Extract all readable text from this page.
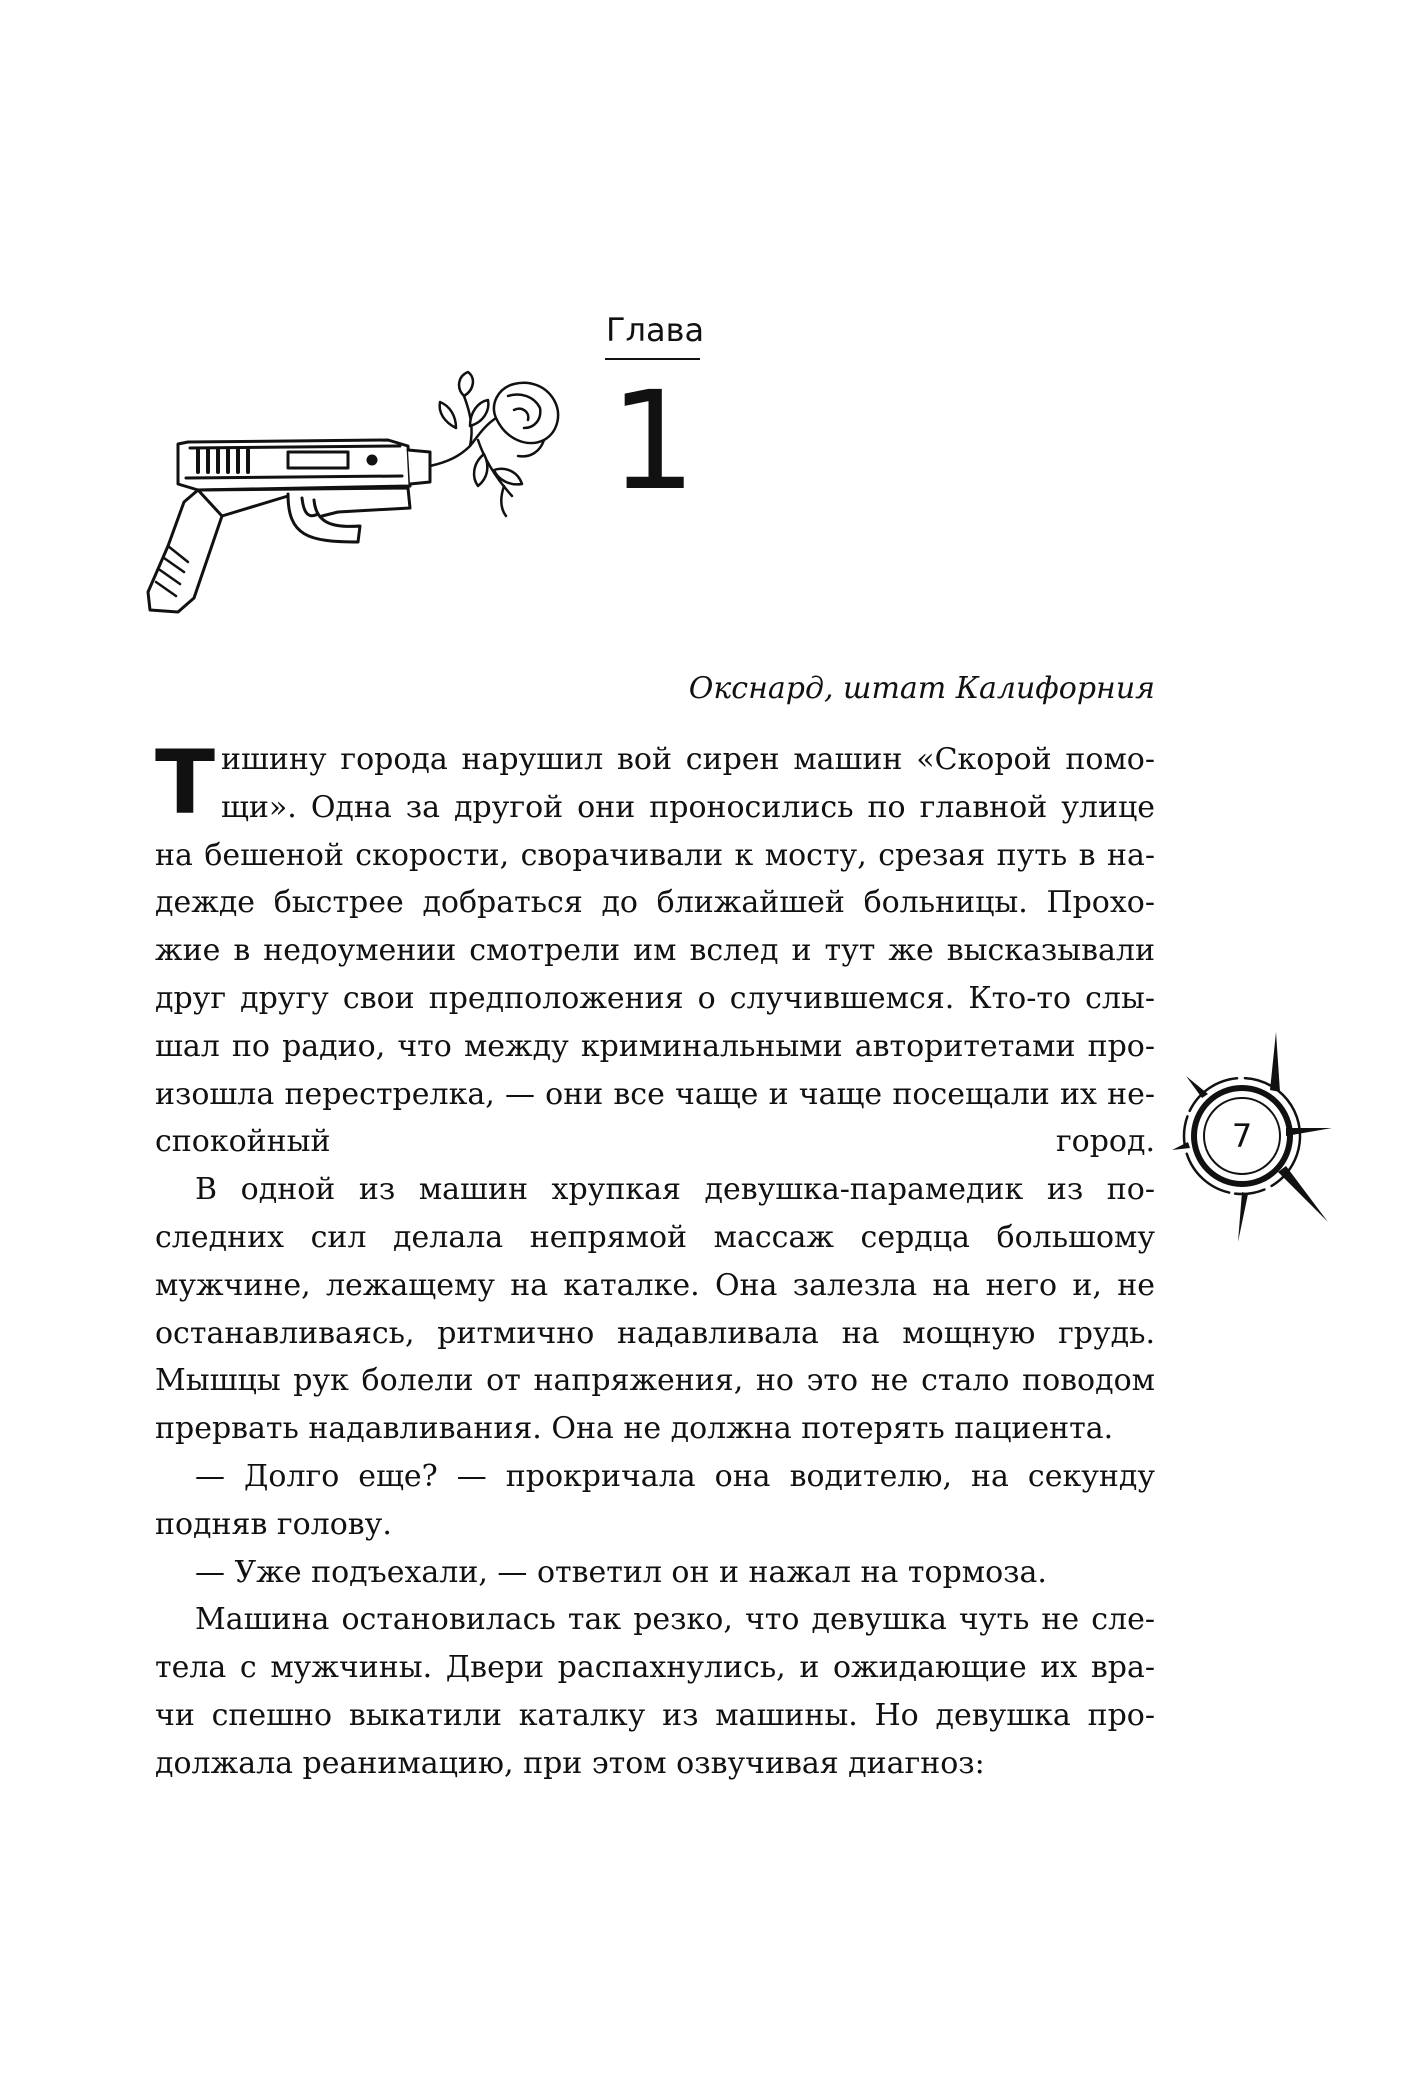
Глава
1
Окснард, штат Калифорния

Тишину города нарушил вой сирен машин «Скорой помо- щи». Одна за другой они проносились по главной улице на бешеной скорости, сворачивали к мосту, срезая путь в на- дежде быстрее добраться до ближайшей больницы. Прохо- жие в недоумении смотрели им вслед и тут же высказывали друг другу свои предположения о случившемся. Кто-то слы- шал по радио, что между криминальными авторитетами про- изошла перестрелка, — они все чаще и чаще посещали их не- спокойный город.

В одной из машин хрупкая девушка-парамедик из по- следних сил делала непрямой массаж сердца большому мужчине, лежащему на каталке. Она залезла на него и, не останавливаясь, ритмично надавливала на мощную грудь. Мышцы рук болели от напряжения, но это не стало поводом прервать надавливания. Она не должна потерять пациента.

— Долго еще? — прокричала она водителю, на секунду подняв голову.

— Уже подъехали, — ответил он и нажал на тормоза.

Машина остановилась так резко, что девушка чуть не сле- тела с мужчины. Двери распахнулись, и ожидающие их вра- чи спешно выкатили каталку из машины. Но девушка про- должала реанимацию, при этом озвучивая диагноз:

7
